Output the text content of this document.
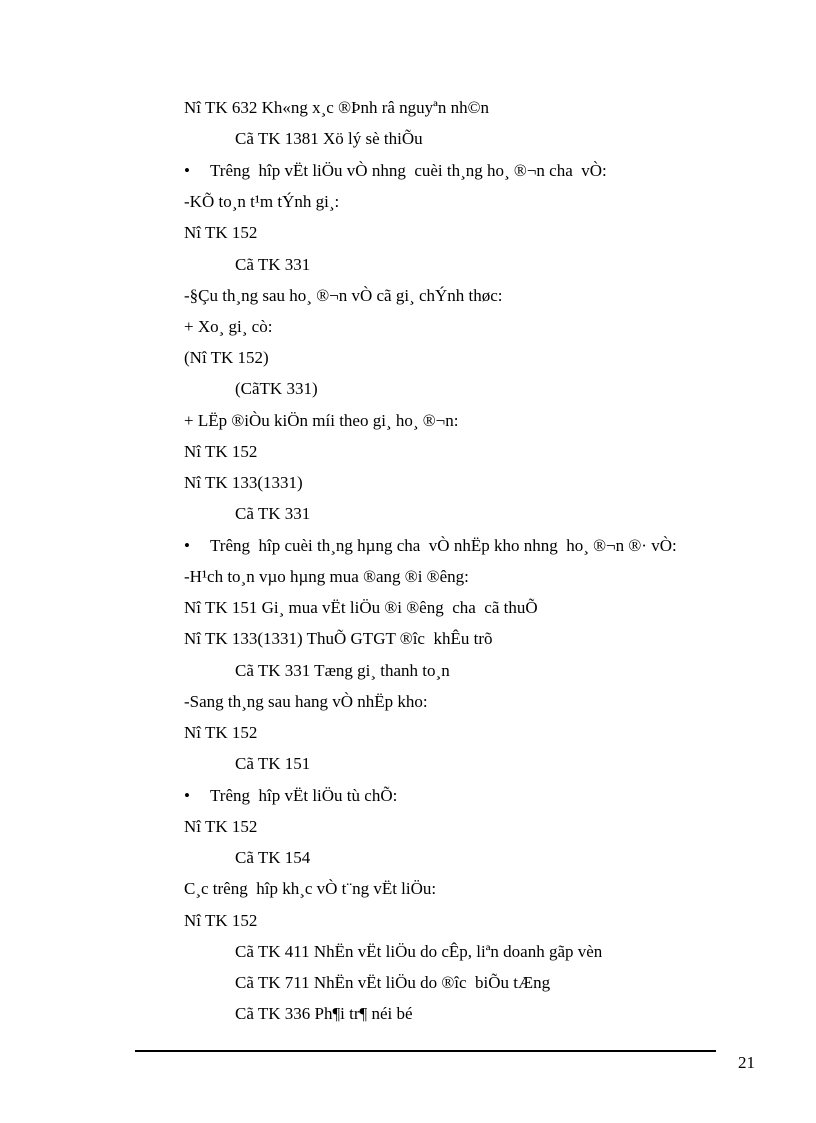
Nî TK 632 Kh«ng x¸c ®Þnh râ nguyªn nh©n
Cã TK 1381 Xö lý sè thiÕu
• Trêng  hîp vËt liÖu vÒ nhng  cuèi th¸ng ho¸ ®¬n cha  vÒ:
-KÕ to¸n t¹m tÝnh gi¸:
Nî TK 152
Cã TK 331
-§Çu th¸ng sau ho¸ ®¬n vÒ cã gi¸ chÝnh thøc:
+ Xo¸ gi¸ cò:
(Nî TK 152)
(CãTK 331)
+ LËp ®iÒu kiÖn míi theo gi¸ ho¸ ®¬n:
Nî TK 152
Nî TK 133(1331)
Cã TK 331
• Trêng  hîp cuèi th¸ng hµng cha  vÒ nhËp kho nhng  ho¸ ®¬n ®· vÒ:
-H¹ch to¸n vµo hµng mua ®ang ®i ®êng:
Nî TK 151 Gi¸ mua vËt liÖu ®i ®êng  cha  cã thuÕ
Nî TK 133(1331) ThuÕ GTGT ®îc  khÊu trõ
Cã TK 331 Tæng gi¸ thanh to¸n
-Sang th¸ng sau hang vÒ nhËp kho:
Nî TK 152
Cã TK 151
• Trêng  hîp vËt liÖu tù chÕ:
Nî TK 152
Cã TK 154
C¸c trêng  hîp kh¸c vÒ t¨ng vËt liÖu:
Nî TK 152
Cã TK 411 NhËn vËt liÖu do cÊp, liªn doanh gãp vèn
Cã TK 711 NhËn vËt liÖu do ®îc  biÕu tÆng
Cã TK 336 Ph¶i tr¶ néi bé
21
